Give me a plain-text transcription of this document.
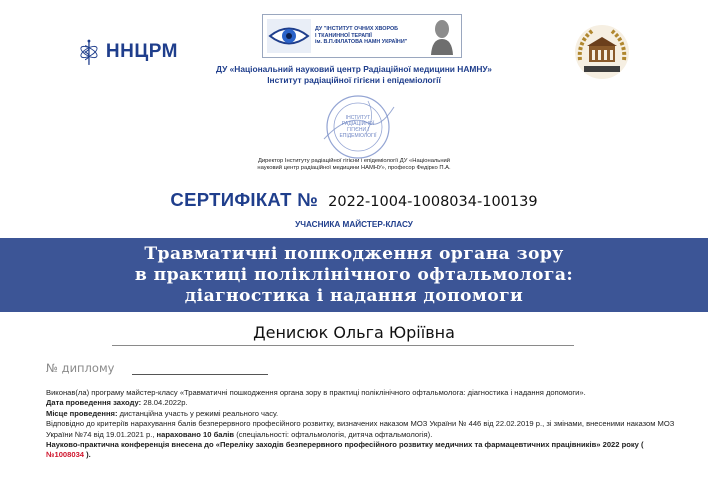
ННЦРМ
ДУ "ІНСТИТУТ ОЧНИХ ХВОРОБ
І ТКАНИННОЇ ТЕРАПІЇ
ім. В.П.ФІЛАТОВА НАМН УКРАЇНИ"
ДУ «Національний науковий центр Радіаційної медицини НАМНУ»
Інститут радіаційної гігієни і епідеміології
ІНСТИТУТ
РАДІАЦІЙНОЇ
ГІГІЄНИ І
ЕПІДЕМІОЛОГІЇ
Директор Інституту радіаційної гігієни і епідеміології ДУ «Національний
науковий центр радіаційної медицини НАМНУ», професор Федірко П.А.
СЕРТИФІКАТ № 2022-1004-1008034-100139
УЧАСНИКА МАЙСТЕР-КЛАСУ
Травматичні пошкодження органа зору
в практиці поліклінічного офтальмолога:
діагностика і надання допомоги
Денисюк Ольга Юріївна
№ диплому

Виконав(ла) програму майстер-класу «Травматичні пошкодження органа зору в практиці поліклінічного офтальмолога: діагностика і надання допомоги».

Дата проведення заходу: 28.04.2022р.

Місце проведення: дистанційна участь у режимі реального часу.

Відповідно до критеріїв нарахування балів безперервного професійного розвитку, визначених наказом МОЗ України № 446 від 22.02.2019 р., зі змінами, внесеними наказом МОЗ України №74 від 19.01.2021 р., нараховано 10 балів (спеціальності: офтальмологія, дитяча офтальмологія).

Науково-практична конференція внесена до «Переліку заходів безперервного професійного розвитку медичних та фармацевтичних працівників» 2022 року ( №1008034 ).
